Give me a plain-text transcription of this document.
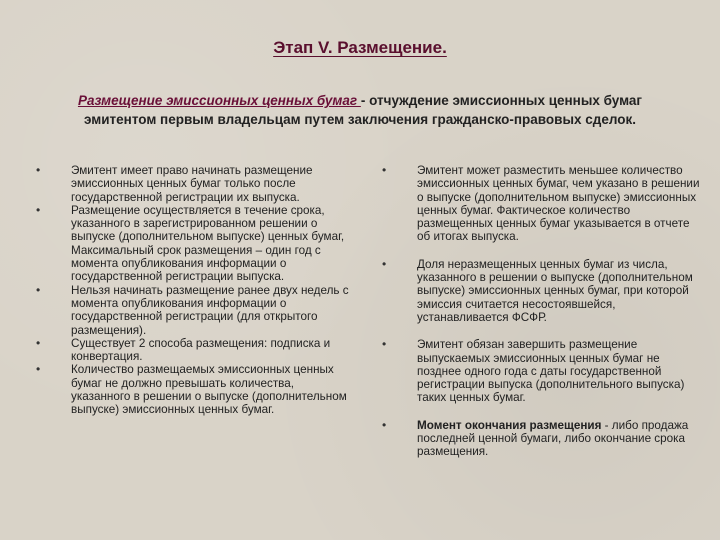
Этап V. Размещение.
Размещение эмиссионных ценных бумаг - отчуждение эмиссионных ценных бумаг эмитентом первым владельцам путем заключения гражданско-правовых сделок.
•	Эмитент имеет право начинать размещение эмиссионных ценных бумаг только после государственной регистрации их выпуска.
•	Размещение осуществляется в течение срока, указанного в зарегистрированном решении о выпуске (дополнительном выпуске) ценных бумаг, Максимальный срок размещения – один год с момента опубликования информации о государственной регистрации выпуска.
•	Нельзя начинать размещение ранее двух недель с момента опубликования информации о государственной регистрации (для открытого размещения).
•	Существует 2 способа размещения: подписка и конвертация.
•	Количество размещаемых эмиссионных ценных бумаг не должно превышать количества, указанного в решении о выпуске (дополнительном выпуске) эмиссионных ценных бумаг.
•	Эмитент может разместить меньшее количество эмиссионных ценных бумаг, чем указано в решении о выпуске (дополнительном выпуске) эмиссионных ценных бумаг. Фактическое количество размещенных ценных бумаг указывается в отчете об итогах выпуска.
•	Доля неразмещенных ценных бумаг из числа, указанного в решении о выпуске (дополнительном выпуске) эмиссионных ценных бумаг, при которой эмиссия считается несостоявшейся, устанавливается ФСФР.
•	Эмитент обязан завершить размещение выпускаемых эмиссионных ценных бумаг не позднее одного года с даты государственной регистрации выпуска (дополнительного выпуска) таких ценных бумаг.
•	Момент окончания размещения - либо продажа последней ценной бумаги, либо окончание срока размещения.
